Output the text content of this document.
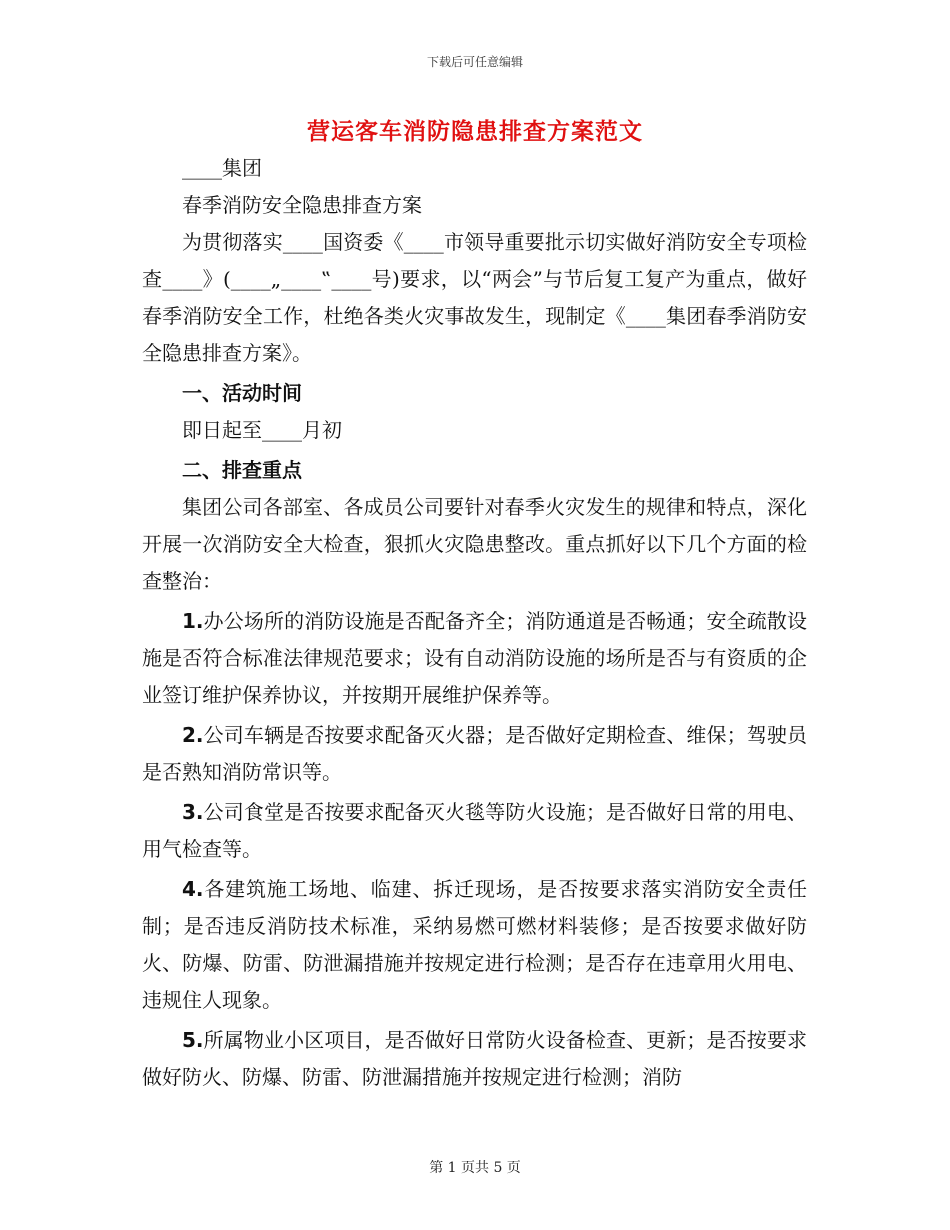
下载后可任意编辑
营运客车消防隐患排查方案范文

____集团

春季消防安全隐患排查方案

为贯彻落实____国资委《____市领导重要批示切实做好消防安全专项检查____》(____„____‟____号)要求，以“两会”与节后复工复产为重点，做好春季消防安全工作，杜绝各类火灾事故发生，现制定《____集团春季消防安全隐患排查方案》。

一、活动时间

即日起至____月初

二、排查重点

集团公司各部室、各成员公司要针对春季火灾发生的规律和特点，深化开展一次消防安全大检查，狠抓火灾隐患整改。重点抓好以下几个方面的检查整治：

1.办公场所的消防设施是否配备齐全；消防通道是否畅通；安全疏散设施是否符合标准法律规范要求；设有自动消防设施的场所是否与有资质的企业签订维护保养协议，并按期开展维护保养等。

2.公司车辆是否按要求配备灭火器；是否做好定期检查、维保；驾驶员是否熟知消防常识等。

3.公司食堂是否按要求配备灭火毯等防火设施；是否做好日常的用电、用气检查等。

4.各建筑施工场地、临建、拆迁现场，是否按要求落实消防安全责任制；是否违反消防技术标准，采纳易燃可燃材料装修；是否按要求做好防火、防爆、防雷、防泄漏措施并按规定进行检测；是否存在违章用火用电、违规住人现象。

5.所属物业小区项目，是否做好日常防火设备检查、更新；是否按要求做好防火、防爆、防雷、防泄漏措施并按规定进行检测；消防

第 1 页共 5 页
